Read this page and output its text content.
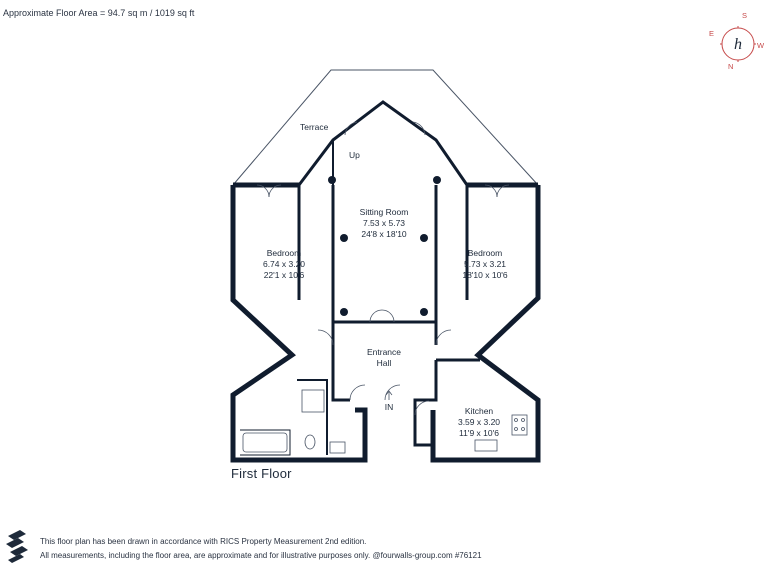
Approximate Floor Area = 94.7 sq m / 1019 sq ft
h
S
E
W
N
Terrace
Up
Sitting Room
7.53 x 5.73
24'8 x 18'10
Bedroom
6.74 x 3.20
22'1 x 10'6
Bedroom
5.73 x 3.21
18'10 x 10'6
Entrance
Hall
IN	Kitchen
3.59 x 3.20
11'9 x 10'6
First Floor
This floor plan has been drawn in accordance with RICS Property Measurement 2nd edition.
All measurements, including the floor area, are approximate and for illustrative purposes only. @fourwalls-group.com #76121
